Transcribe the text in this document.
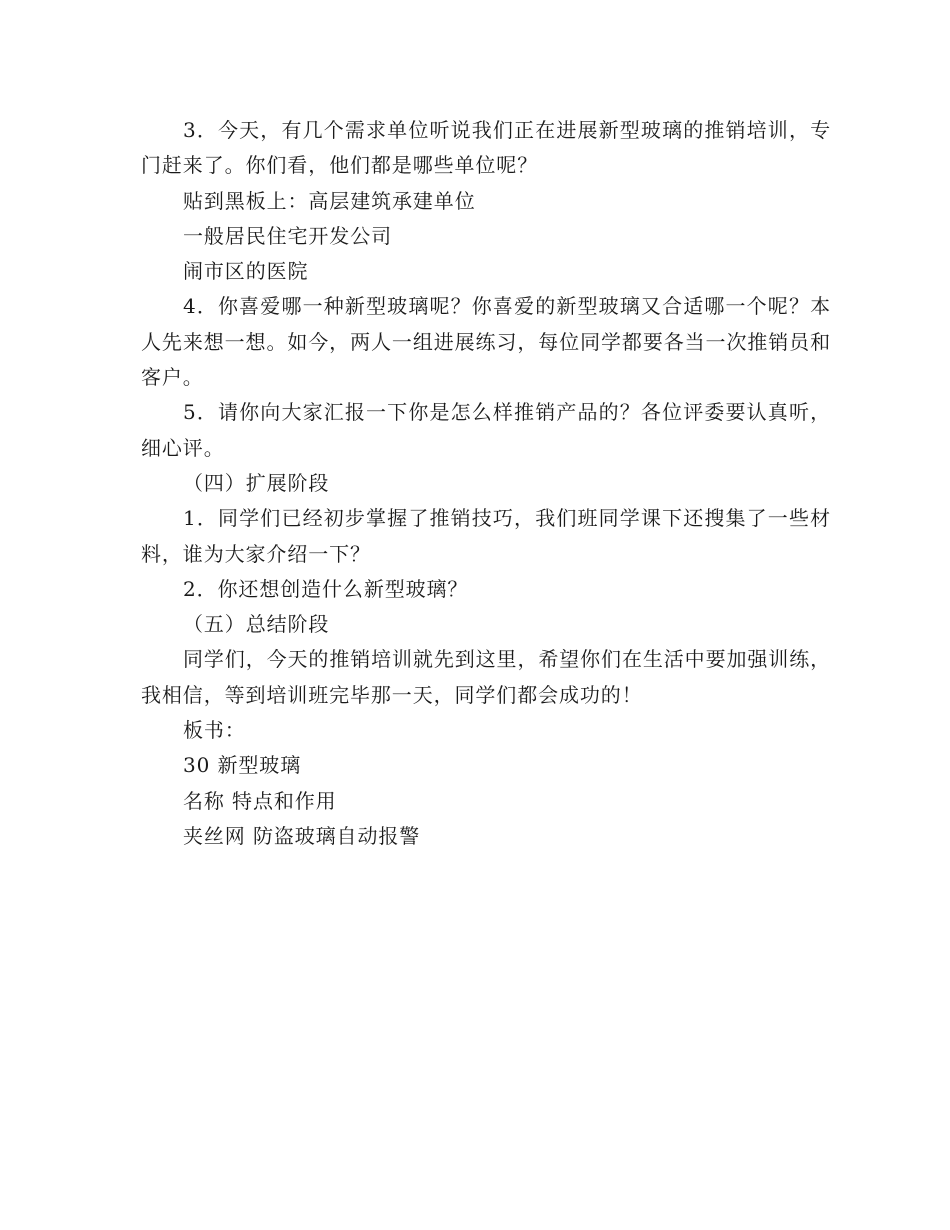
3．今天，有几个需求单位听说我们正在进展新型玻璃的推销培训，专门赶来了。你们看，他们都是哪些单位呢？

贴到黑板上：高层建筑承建单位

一般居民住宅开发公司

闹市区的医院

4．你喜爱哪一种新型玻璃呢？你喜爱的新型玻璃又合适哪一个呢？本人先来想一想。如今，两人一组进展练习，每位同学都要各当一次推销员和客户。

5．请你向大家汇报一下你是怎么样推销产品的？各位评委要认真听，细心评。

（四）扩展阶段

1．同学们已经初步掌握了推销技巧，我们班同学课下还搜集了一些材料，谁为大家介绍一下？

2．你还想创造什么新型玻璃？

（五）总结阶段

同学们，今天的推销培训就先到这里，希望你们在生活中要加强训练，我相信，等到培训班完毕那一天，同学们都会成功的！

板书：

30 新型玻璃

名称 特点和作用

夹丝网 防盗玻璃自动报警
